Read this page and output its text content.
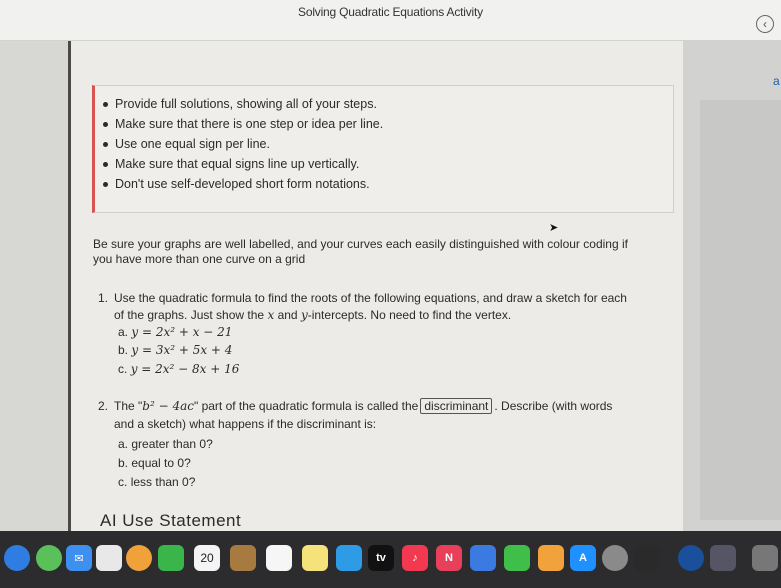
Solving Quadratic Equations Activity
‹
a
Provide full solutions, showing all of your steps.
Make sure that there is one step or idea per line.
Use one equal sign per line.
Make sure that equal signs line up vertically.
Don't use self-developed short form notations.
Be sure your graphs are well labelled, and your curves each easily distinguished with colour coding if
you have more than one curve on a grid
➤
1. Use the quadratic formula to find the roots of the following equations, and draw a sketch for each
of the graphs. Just show the x and y-intercepts. No need to find the vertex.
a. y = 2x² + x − 21
b. y = 3x² + 5x + 4
c. y = 2x² − 8x + 16
2. The "b² − 4ac" part of the quadratic formula is called the discriminant . Describe (with words
and a sketch) what happens if the discriminant is:
a. greater than 0?
b. equal to 0?
c. less than 0?
AI Use Statement
✉	20	tv	♪	N	A
